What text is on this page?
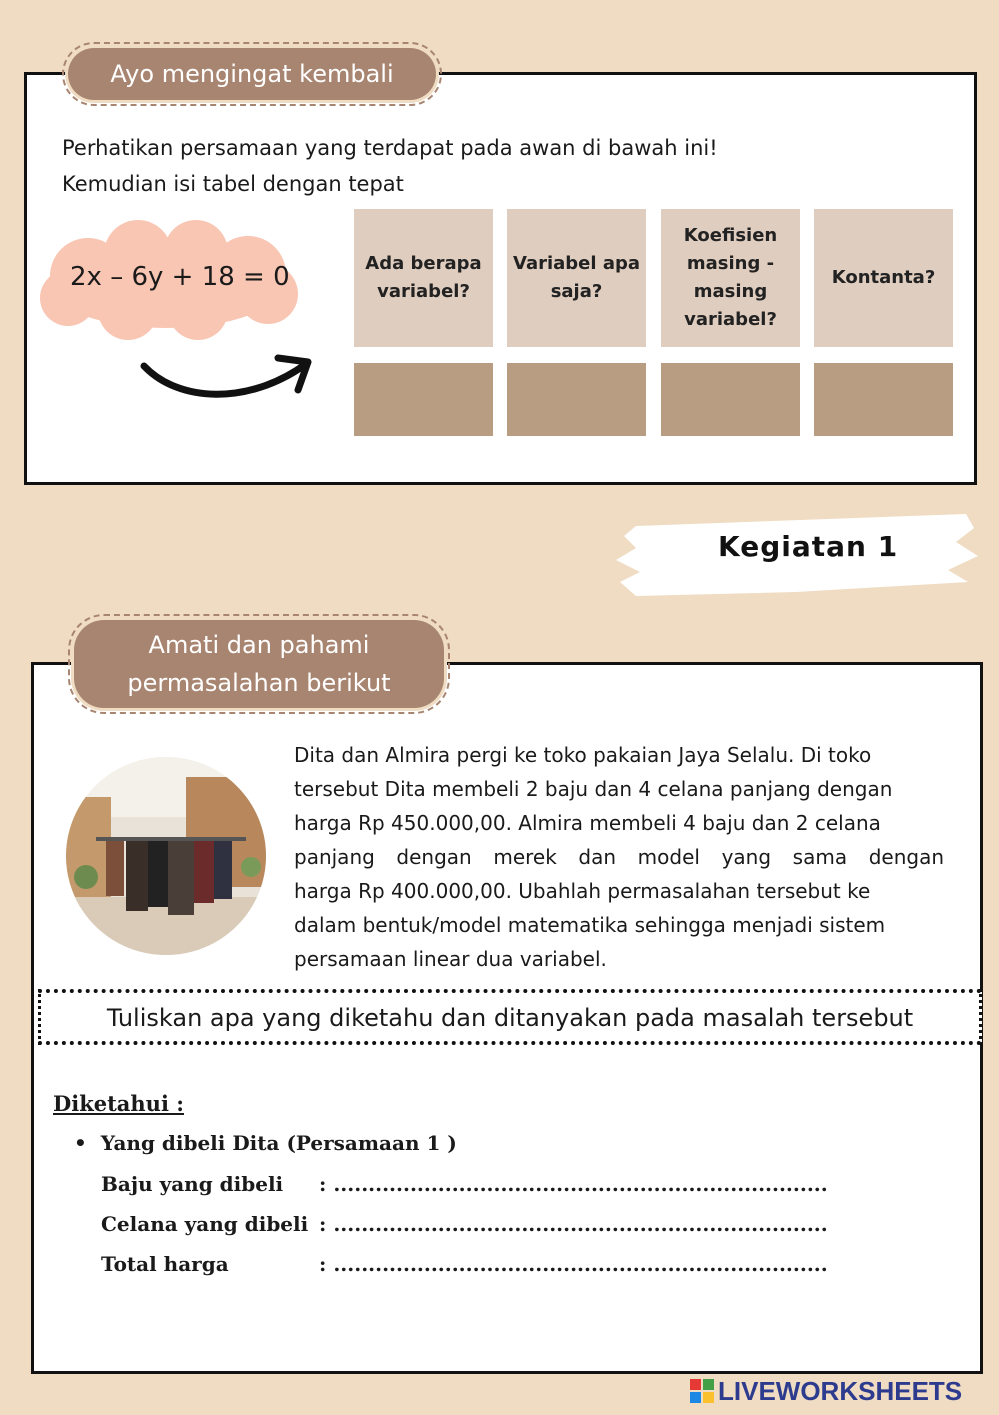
Ayo mengingat kembali
Perhatikan persamaan yang terdapat pada awan di bawah ini!
Kemudian isi tabel dengan tepat
2x – 6y + 18 = 0	Ada berapa variabel?
Variabel apa saja?
Koefisien masing - masing variabel?
Kontanta?
Kegiatan 1
Amati dan pahami
permasalahan berikut
Dita dan Almira pergi ke toko pakaian Jaya Selalu. Di toko
tersebut Dita membeli 2 baju dan 4 celana panjang dengan
harga Rp 450.000,00. Almira membeli 4 baju dan 2 celana
panjang dengan merek dan model yang sama dengan
harga Rp 400.000,00. Ubahlah permasalahan tersebut ke
dalam bentuk/model matematika sehingga menjadi sistem
persamaan linear dua variabel.
Tuliskan apa yang diketahu dan ditanyakan pada masalah tersebut
Diketahui :
•  Yang dibeli Dita (Persamaan 1 )
Baju yang dibeli : .......................................................................
Celana yang dibeli : .......................................................................
Total harga	: .......................................................................
LIVEWORKSHEETS
